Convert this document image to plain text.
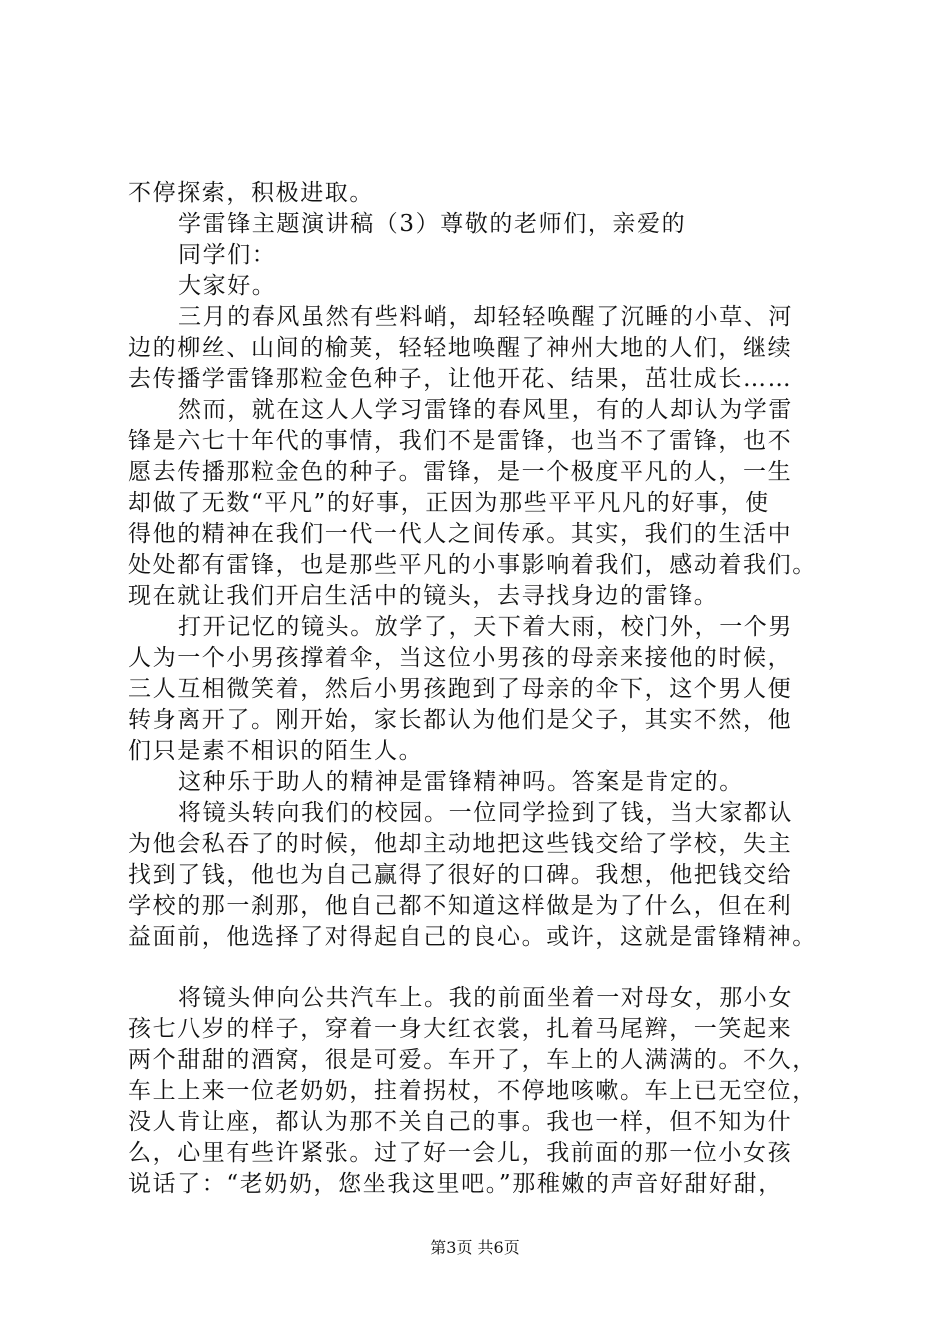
不停探索，积极进取。
学雷锋主题演讲稿（3）尊敬的老师们，亲爱的
同学们：
大家好。
三月的春风虽然有些料峭，却轻轻唤醒了沉睡的小草、河
边的柳丝、山间的榆荚，轻轻地唤醒了神州大地的人们，继续
去传播学雷锋那粒金色种子，让他开花、结果，茁壮成长……
然而，就在这人人学习雷锋的春风里，有的人却认为学雷
锋是六七十年代的事情，我们不是雷锋，也当不了雷锋，也不
愿去传播那粒金色的种子。雷锋，是一个极度平凡的人，一生
却做了无数“平凡”的好事，正因为那些平平凡凡的好事，使
得他的精神在我们一代一代人之间传承。其实，我们的生活中
处处都有雷锋，也是那些平凡的小事影响着我们，感动着我们。
现在就让我们开启生活中的镜头，去寻找身边的雷锋。
打开记忆的镜头。放学了，天下着大雨，校门外，一个男
人为一个小男孩撑着伞，当这位小男孩的母亲来接他的时候，
三人互相微笑着，然后小男孩跑到了母亲的伞下，这个男人便
转身离开了。刚开始，家长都认为他们是父子，其实不然，他
们只是素不相识的陌生人。
这种乐于助人的精神是雷锋精神吗。答案是肯定的。
将镜头转向我们的校园。一位同学捡到了钱，当大家都认
为他会私吞了的时候，他却主动地把这些钱交给了学校，失主
找到了钱，他也为自己赢得了很好的口碑。我想，他把钱交给
学校的那一刹那，他自己都不知道这样做是为了什么，但在利
益面前，他选择了对得起自己的良心。或许，这就是雷锋精神。
将镜头伸向公共汽车上。我的前面坐着一对母女，那小女
孩七八岁的样子，穿着一身大红衣裳，扎着马尾辫，一笑起来
两个甜甜的酒窝，很是可爱。车开了，车上的人满满的。不久，
车上上来一位老奶奶，拄着拐杖，不停地咳嗽。车上已无空位，
没人肯让座，都认为那不关自己的事。我也一样，但不知为什
么，心里有些许紧张。过了好一会儿，我前面的那一位小女孩
说话了：“老奶奶，您坐我这里吧。”那稚嫩的声音好甜好甜，
第3页 共6页
